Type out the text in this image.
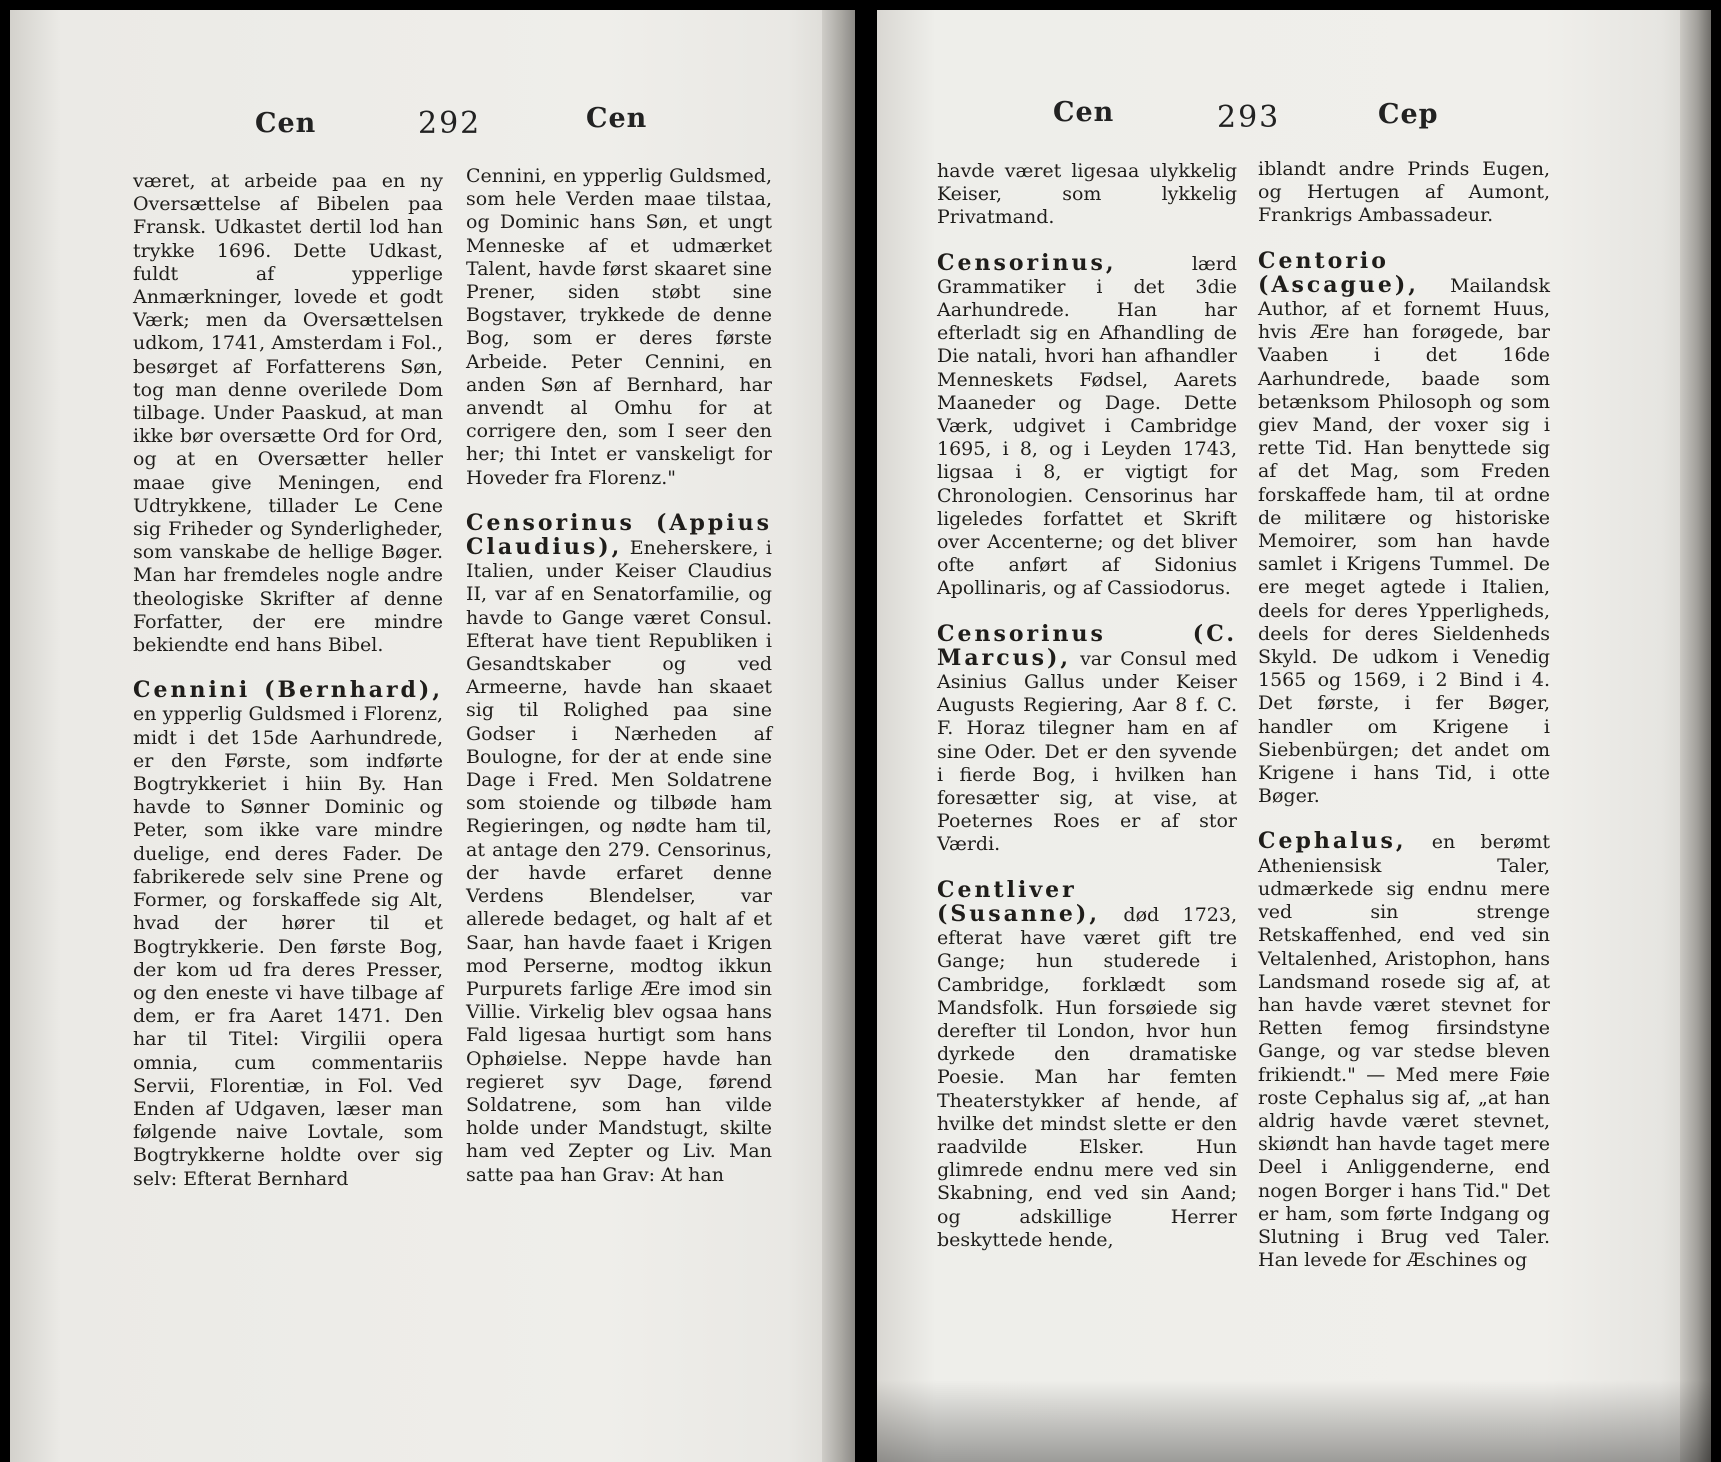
Cen	292	Cen

været, at arbeide paa en ny Oversættelse af Bibelen paa Fransk. Udkastet dertil lod han trykke 1696. Dette Udkast, fuldt af ypperlige Anmærkninger, lovede et godt Værk; men da Oversættelsen udkom, 1741, Amsterdam i Fol., besørget af Forfatterens Søn, tog man denne overilede Dom tilbage. Under Paaskud, at man ikke bør oversætte Ord for Ord, og at en Oversætter heller maae give Meningen, end Udtrykkene, tillader Le Cene sig Friheder og Synderligheder, som vanskabe de hellige Bøger. Man har fremdeles nogle andre theologiske Skrifter af denne Forfatter, der ere mindre bekiendte end hans Bibel.

Cennini (Bernhard), en ypperlig Guldsmed i Florenz, midt i det 15de Aarhundrede, er den Første, som indførte Bogtrykkeriet i hiin By. Han havde to Sønner Dominic og Peter, som ikke vare mindre duelige, end deres Fader. De fabrikerede selv sine Prene og Former, og forskaffede sig Alt, hvad der hører til et Bogtrykkerie. Den første Bog, der kom ud fra deres Presser, og den eneste vi have tilbage af dem, er fra Aaret 1471. Den har til Titel: Virgilii opera omnia, cum commentariis Servii, Florentiæ, in Fol. Ved Enden af Udgaven, læser man følgende naive Lovtale, som Bogtrykkerne holdte over sig selv: Efterat Bernhard

Cennini, en ypperlig Guldsmed, som hele Verden maae tilstaa, og Dominic hans Søn, et ungt Menneske af et udmærket Talent, havde først skaaret sine Prener, siden støbt sine Bogstaver, trykkede de denne Bog, som er deres første Arbeide. Peter Cennini, en anden Søn af Bernhard, har anvendt al Omhu for at corrigere den, som I seer den her; thi Intet er vanskeligt for Hoveder fra Florenz."

Censorinus (Appius Claudius), Eneherskere, i Italien, under Keiser Claudius II, var af en Senatorfamilie, og havde to Gange været Consul. Efterat have tient Republiken i Gesandtskaber og ved Armeerne, havde han skaaet sig til Rolighed paa sine Godser i Nærheden af Boulogne, for der at ende sine Dage i Fred. Men Soldatrene som stoiende og tilbøde ham Regieringen, og nødte ham til, at antage den 279. Censorinus, der havde erfaret denne Verdens Blendelser, var allerede bedaget, og halt af et Saar, han havde faaet i Krigen mod Perserne, modtog ikkun Purpurets farlige Ære imod sin Villie. Virkelig blev ogsaa hans Fald ligesaa hurtigt som hans Ophøielse. Neppe havde han regieret syv Dage, førend Soldatrene, som han vilde holde under Mandstugt, skilte ham ved Zepter og Liv. Man satte paa han Grav: At han

Cen	293	Cep

havde været ligesaa ulykkelig Keiser, som lykkelig Privatmand.

Censorinus,	lærd Grammatiker i det 3die Aarhundrede. Han har efterladt sig en Afhandling de Die natali, hvori han afhandler Menneskets Fødsel, Aarets Maaneder og Dage. Dette Værk, udgivet i Cambridge 1695, i 8, og i Leyden 1743, ligsaa i 8, er vigtigt for Chronologien. Censorinus har ligeledes forfattet et Skrift over Accenterne; og det bliver ofte anført af Sidonius Apollinaris, og af Cassiodorus.

Censorinus (C. Marcus), var Consul med Asinius Gallus under Keiser Augusts Regiering, Aar 8 f. C. F. Horaz tilegner ham en af sine Oder. Det er den syvende i fierde Bog, i hvilken han foresætter sig, at vise, at Poeternes Roes er af stor Værdi.

Centliver (Susanne), død 1723, efterat have været gift tre Gange; hun studerede i Cambridge, forklædt som Mandsfolk. Hun forsøiede sig derefter til London, hvor hun dyrkede den dramatiske Poesie. Man har femten Theaterstykker af hende, af hvilke det mindst slette er den raadvilde Elsker. Hun glimrede endnu mere ved sin Skabning, end ved sin Aand; og adskillige Herrer beskyttede hende,

iblandt andre Prinds Eugen, og Hertugen af Aumont, Frankrigs Ambassadeur.

Centorio (Ascague), Mailandsk Author, af et fornemt Huus, hvis Ære han forøgede, bar Vaaben i det 16de Aarhundrede, baade som betænksom Philosoph og som giev Mand, der voxer sig i rette Tid. Han benyttede sig af det Mag, som Freden forskaffede ham, til at ordne de militære og historiske Memoirer, som han havde samlet i Krigens Tummel. De ere meget agtede i Italien, deels for deres Ypperligheds, deels for deres Sieldenheds Skyld. De udkom i Venedig 1565 og 1569, i 2 Bind i 4. Det første, i fer Bøger, handler om Krigene i Siebenbürgen; det andet om Krigene i hans Tid, i otte Bøger.

Cephalus, en berømt Atheniensisk Taler, udmærkede sig endnu mere ved sin strenge Retskaffenhed, end ved sin Veltalenhed, Aristophon, hans Landsmand rosede sig af, at han havde været stevnet for Retten femog firsindstyne Gange, og var stedse bleven frikiendt." — Med mere Føie roste Cephalus sig af, „at han aldrig havde været stevnet, skiøndt han havde taget mere Deel i Anliggenderne, end nogen Borger i hans Tid." Det er ham, som førte Indgang og Slutning i Brug ved Taler. Han levede for Æschines og
